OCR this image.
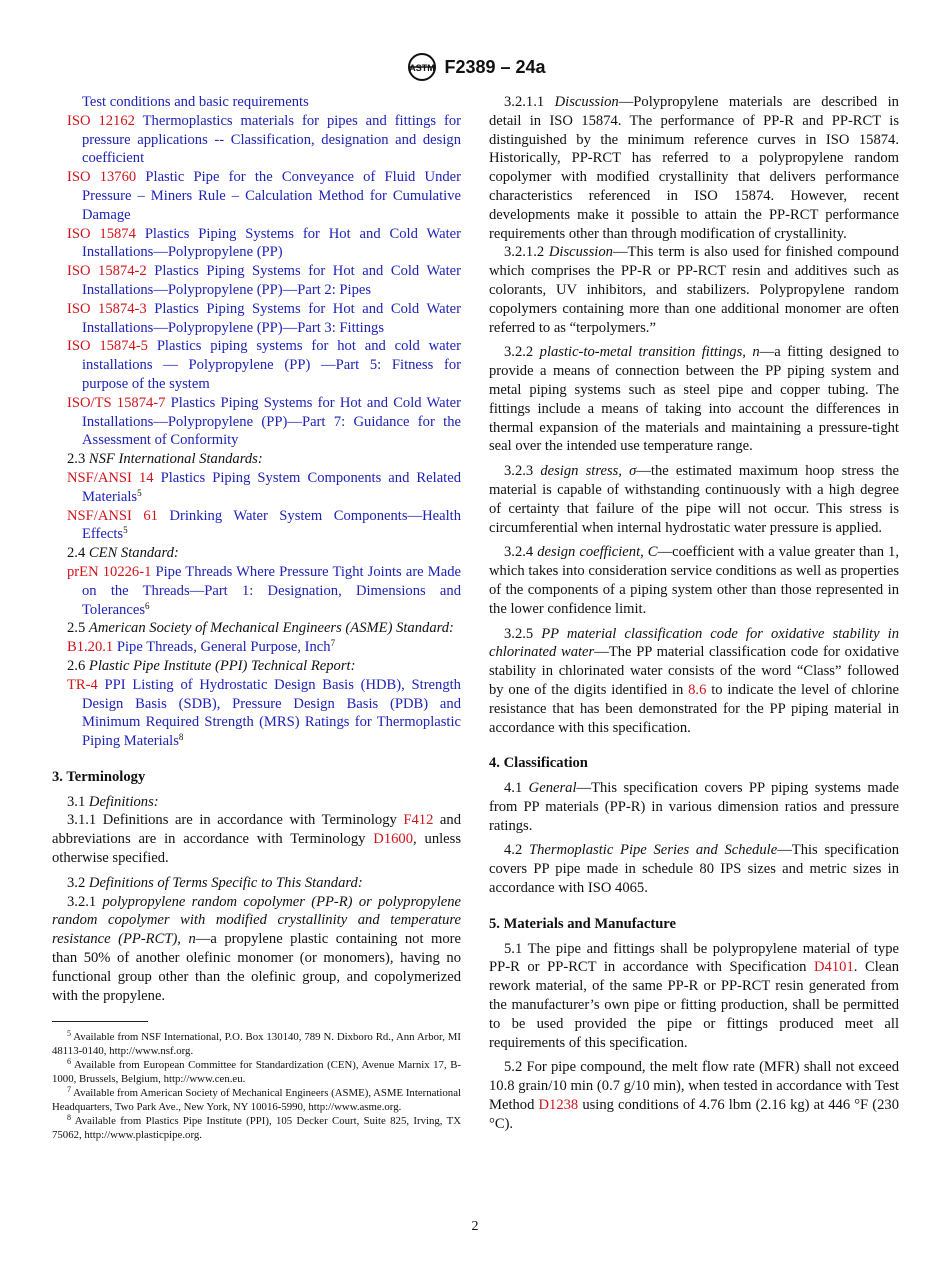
ASTM F2389 – 24a

Test conditions and basic requirements

ISO 12162 Thermoplastics materials for pipes and fittings for pressure applications -- Classification, designation and design coefficient

ISO 13760 Plastic Pipe for the Conveyance of Fluid Under Pressure – Miners Rule – Calculation Method for Cumulative Damage

ISO 15874 Plastics Piping Systems for Hot and Cold Water Installations—Polypropylene (PP)

ISO 15874-2 Plastics Piping Systems for Hot and Cold Water Installations—Polypropylene (PP)—Part 2: Pipes

ISO 15874-3 Plastics Piping Systems for Hot and Cold Water Installations—Polypropylene (PP)—Part 3: Fittings

ISO 15874-5 Plastics piping systems for hot and cold water installations — Polypropylene (PP) —Part 5: Fitness for purpose of the system

ISO/TS 15874-7 Plastics Piping Systems for Hot and Cold Water Installations—Polypropylene (PP)—Part 7: Guidance for the Assessment of Conformity

2.3 NSF International Standards:

NSF/ANSI 14 Plastics Piping System Components and Related Materials$^5$

NSF/ANSI 61 Drinking Water System Components—Health Effects$^5$

2.4 CEN Standard:

prEN 10226-1 Pipe Threads Where Pressure Tight Joints are Made on the Threads—Part 1: Designation, Dimensions and Tolerances$^6$

2.5 American Society of Mechanical Engineers (ASME) Standard:

B1.20.1 Pipe Threads, General Purpose, Inch$^7$

2.6 Plastic Pipe Institute (PPI) Technical Report:

TR-4 PPI Listing of Hydrostatic Design Basis (HDB), Strength Design Basis (SDB), Pressure Design Basis (PDB) and Minimum Required Strength (MRS) Ratings for Thermoplastic Piping Materials$^8$

3. Terminology

3.1 Definitions:

3.1.1 Definitions are in accordance with Terminology F412 and abbreviations are in accordance with Terminology D1600, unless otherwise specified.

3.2 Definitions of Terms Specific to This Standard:

3.2.1 polypropylene random copolymer (PP-R) or polypropylene random copolymer with modified crystallinity and temperature resistance (PP-RCT), n—a propylene plastic containing not more than 50% of another olefinic monomer (or monomers), having no functional group other than the olefinic group, and copolymerized with the propylene.

$^5$ Available from NSF International, P.O. Box 130140, 789 N. Dixboro Rd., Ann Arbor, MI 48113-0140, http://www.nsf.org.

$^6$ Available from European Committee for Standardization (CEN), Avenue Marnix 17, B-1000, Brussels, Belgium, http://www.cen.eu.

$^7$ Available from American Society of Mechanical Engineers (ASME), ASME International Headquarters, Two Park Ave., New York, NY 10016-5990, http://www.asme.org.

$^8$ Available from Plastics Pipe Institute (PPI), 105 Decker Court, Suite 825, Irving, TX 75062, http://www.plasticpipe.org.

3.2.1.1 Discussion—Polypropylene materials are described in detail in ISO 15874. The performance of PP-R and PP-RCT is distinguished by the minimum reference curves in ISO 15874. Historically, PP-RCT has referred to a polypropylene random copolymer with modified crystallinity that delivers performance characteristics referenced in ISO 15874. However, recent developments make it possible to attain the PP-RCT performance requirements other than through modification of crystallinity.

3.2.1.2 Discussion—This term is also used for finished compound which comprises the PP-R or PP-RCT resin and additives such as colorants, UV inhibitors, and stabilizers. Polypropylene random copolymers containing more than one additional monomer are often referred to as “terpolymers.”

3.2.2 plastic-to-metal transition fittings, n—a fitting designed to provide a means of connection between the PP piping system and metal piping systems such as steel pipe and copper tubing. The fittings include a means of taking into account the differences in thermal expansion of the materials and maintaining a pressure-tight seal over the intended use temperature range.

3.2.3 design stress, σ—the estimated maximum hoop stress the material is capable of withstanding continuously with a high degree of certainty that failure of the pipe will not occur. This stress is circumferential when internal hydrostatic water pressure is applied.

3.2.4 design coefficient, C—coefficient with a value greater than 1, which takes into consideration service conditions as well as properties of the components of a piping system other than those represented in the lower confidence limit.

3.2.5 PP material classification code for oxidative stability in chlorinated water—The PP material classification code for oxidative stability in chlorinated water consists of the word “Class” followed by one of the digits identified in 8.6 to indicate the level of chlorine resistance that has been demonstrated for the PP piping material in accordance with this specification.

4. Classification

4.1 General—This specification covers PP piping systems made from PP materials (PP-R) in various dimension ratios and pressure ratings.

4.2 Thermoplastic Pipe Series and Schedule—This specification covers PP pipe made in schedule 80 IPS sizes and metric sizes in accordance with ISO 4065.

5. Materials and Manufacture

5.1 The pipe and fittings shall be polypropylene material of type PP-R or PP-RCT in accordance with Specification D4101. Clean rework material, of the same PP-R or PP-RCT resin generated from the manufacturer’s own pipe or fitting production, shall be permitted to be used provided the pipe or fittings produced meet all requirements of this specification.

5.2 For pipe compound, the melt flow rate (MFR) shall not exceed 10.8 grain/10 min (0.7 g/10 min), when tested in accordance with Test Method D1238 using conditions of 4.76 lbm (2.16 kg) at 446 °F (230 °C).

2
